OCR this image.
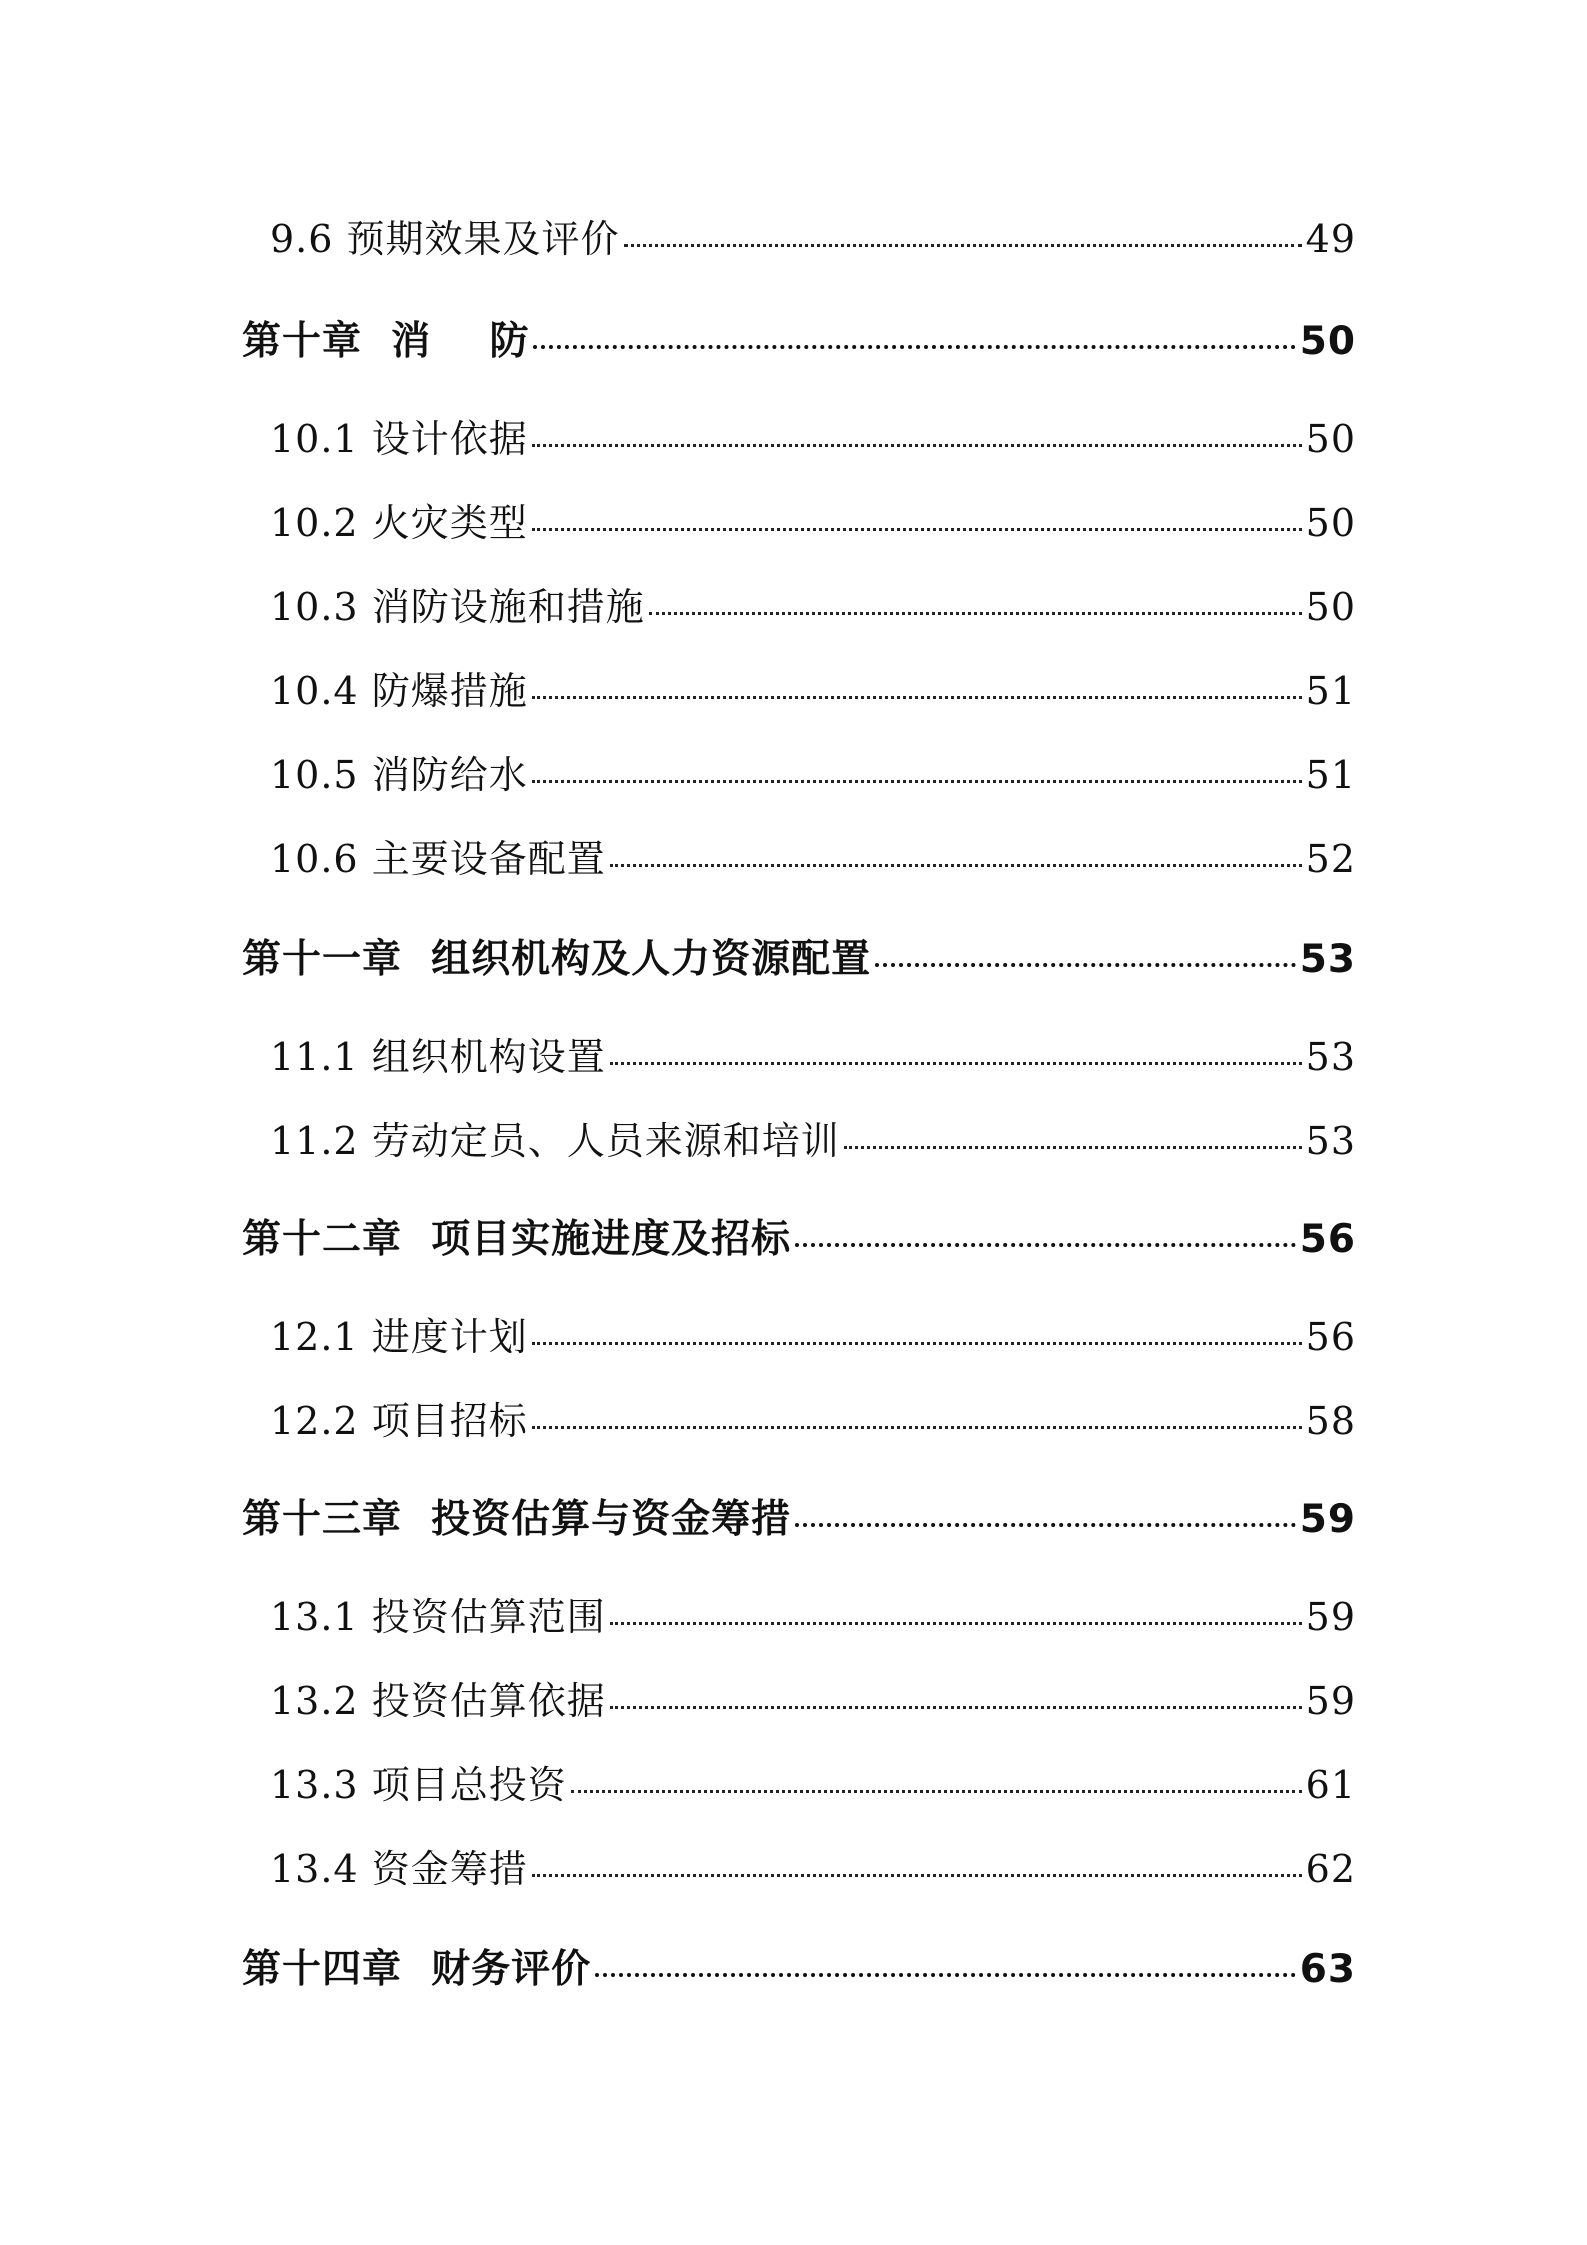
9.6 预期效果及评价	49
第十章  消    防	50
10.1 设计依据	50
10.2 火灾类型	50
10.3 消防设施和措施	50
10.4 防爆措施	51
10.5 消防给水	51
10.6 主要设备配置	52
第十一章  组织机构及人力资源配置	53
11.1 组织机构设置	53
11.2 劳动定员、人员来源和培训	53
第十二章  项目实施进度及招标	56
12.1 进度计划	56
12.2 项目招标	58
第十三章  投资估算与资金筹措	59
13.1 投资估算范围	59
13.2 投资估算依据	59
13.3 项目总投资	61
13.4 资金筹措	62
第十四章  财务评价	63
